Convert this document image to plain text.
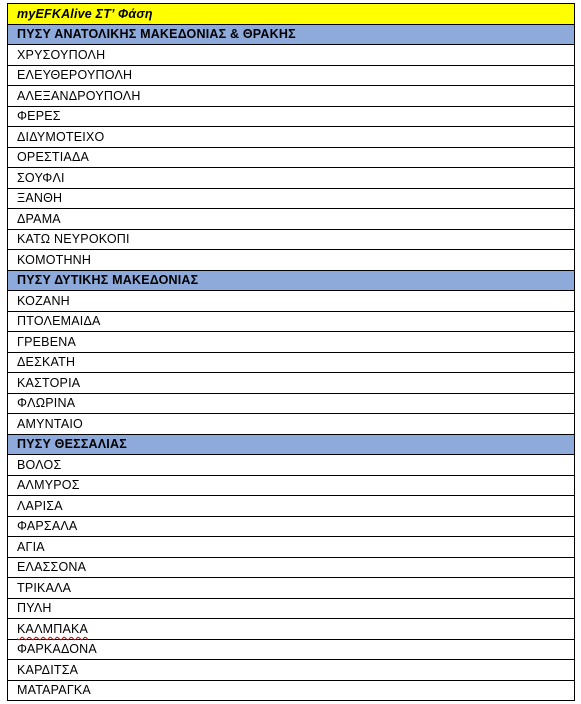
myEFKAlive ΣΤ’ Φάση
ΠΥΣΥ ΑΝΑΤΟΛΙΚΗΣ ΜΑΚΕΔΟΝΙΑΣ & ΘΡΑΚΗΣ
ΧΡΥΣΟΥΠΟΛΗ
ΕΛΕΥΘΕΡΟΥΠΟΛΗ
ΑΛΕΞΑΝΔΡΟΥΠΟΛΗ
ΦΕΡΕΣ
ΔΙΔΥΜΟΤΕΙΧΟ
ΟΡΕΣΤΙΑΔΑ
ΣΟΥΦΛΙ
ΞΑΝΘΗ
ΔΡΑΜΑ
ΚΑΤΩ ΝΕΥΡΟΚΟΠΙ
ΚΟΜΟΤΗΝΗ
ΠΥΣΥ ΔΥΤΙΚΗΣ ΜΑΚΕΔΟΝΙΑΣ
ΚΟΖΑΝΗ
ΠΤΟΛΕΜΑΙΔΑ
ΓΡΕΒΕΝΑ
ΔΕΣΚΑΤΗ
ΚΑΣΤΟΡΙΑ
ΦΛΩΡΙΝΑ
ΑΜΥΝΤΑΙΟ
ΠΥΣΥ ΘΕΣΣΑΛΙΑΣ
ΒΟΛΟΣ
ΑΛΜΥΡΟΣ
ΛΑΡΙΣΑ
ΦΑΡΣΑΛΑ
ΑΓΙΑ
ΕΛΑΣΣΟΝΑ
ΤΡΙΚΑΛΑ
ΠΥΛΗ
ΚΑΛΜΠΑΚΑ
ΦΑΡΚΑΔΟΝΑ
ΚΑΡΔΙΤΣΑ
ΜΑΤΑΡΑΓΚΑ
